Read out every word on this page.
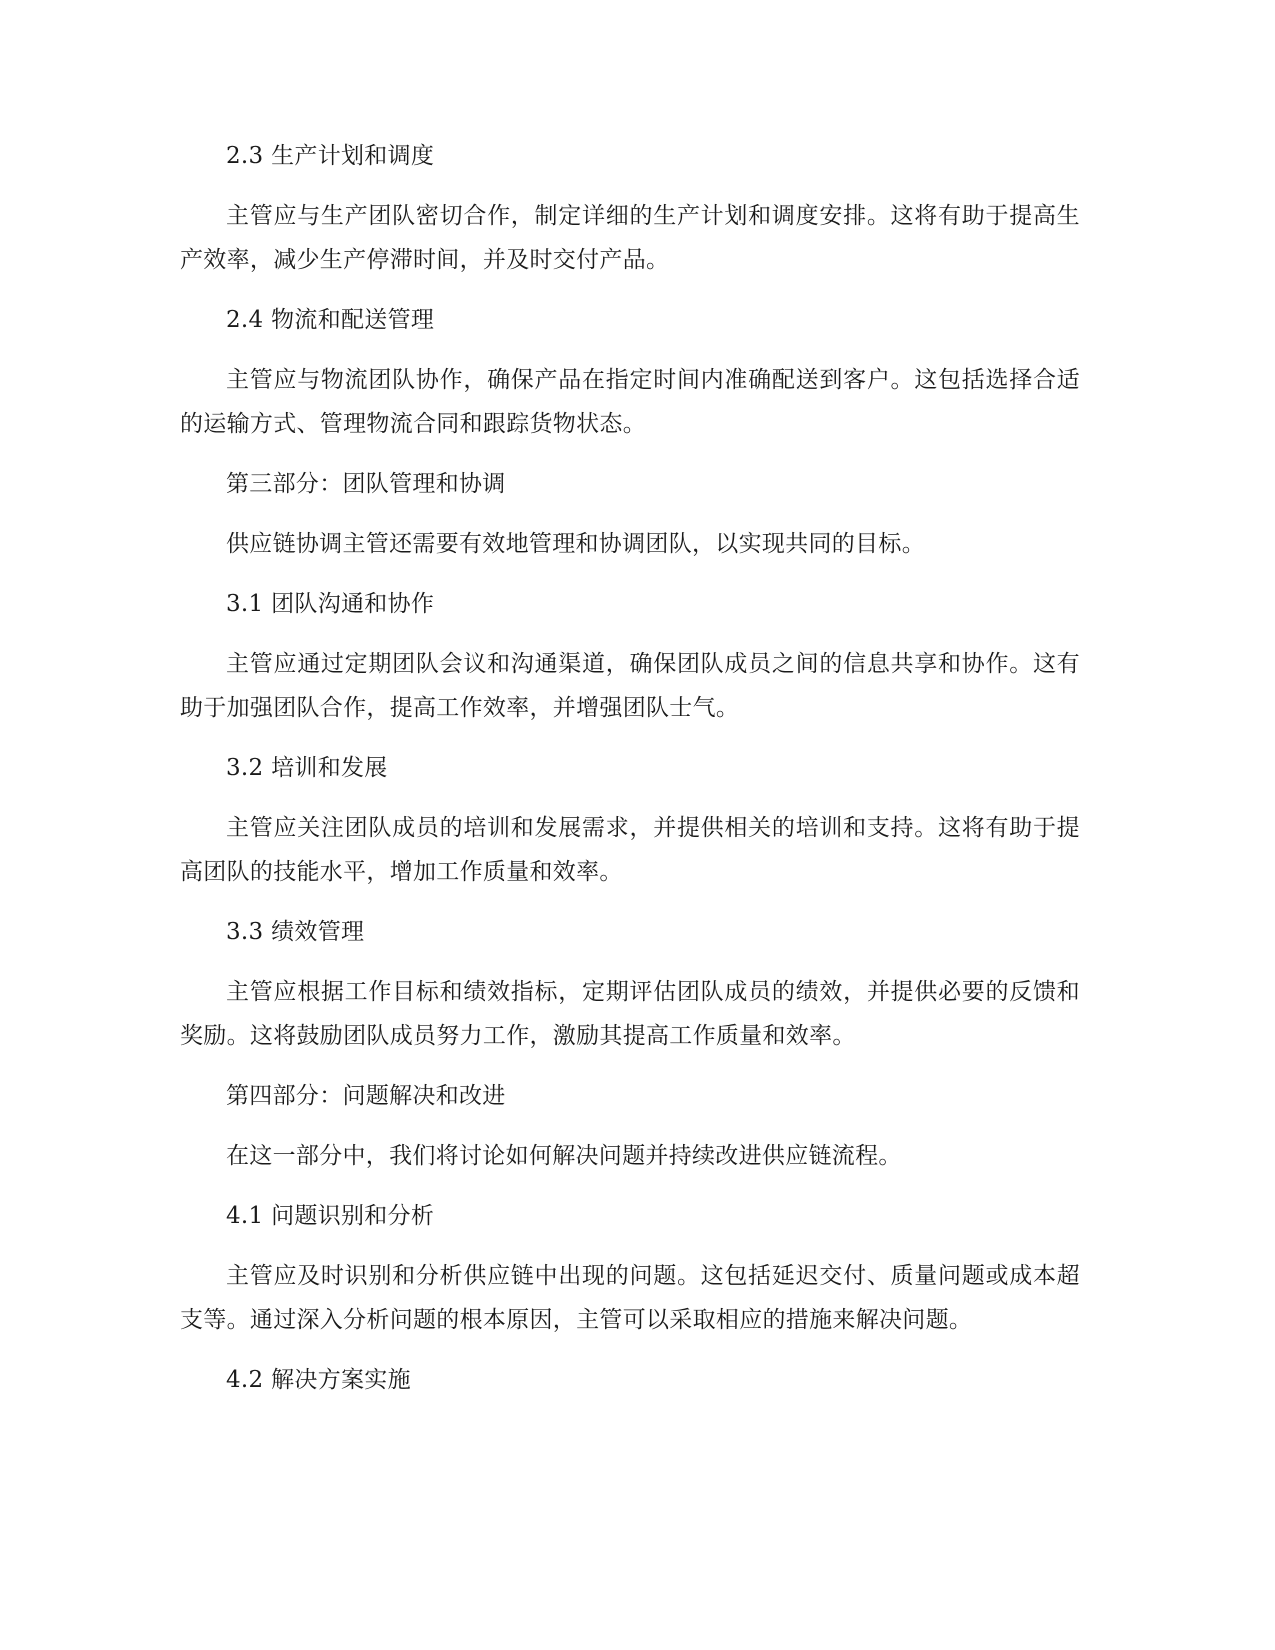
2.3 生产计划和调度

主管应与生产团队密切合作，制定详细的生产计划和调度安排。这将有助于提高生产效率，减少生产停滞时间，并及时交付产品。

2.4 物流和配送管理

主管应与物流团队协作，确保产品在指定时间内准确配送到客户。这包括选择合适的运输方式、管理物流合同和跟踪货物状态。

第三部分：团队管理和协调

供应链协调主管还需要有效地管理和协调团队，以实现共同的目标。

3.1 团队沟通和协作

主管应通过定期团队会议和沟通渠道，确保团队成员之间的信息共享和协作。这有助于加强团队合作，提高工作效率，并增强团队士气。

3.2 培训和发展

主管应关注团队成员的培训和发展需求，并提供相关的培训和支持。这将有助于提高团队的技能水平，增加工作质量和效率。

3.3 绩效管理

主管应根据工作目标和绩效指标，定期评估团队成员的绩效，并提供必要的反馈和奖励。这将鼓励团队成员努力工作，激励其提高工作质量和效率。

第四部分：问题解决和改进

在这一部分中，我们将讨论如何解决问题并持续改进供应链流程。

4.1 问题识别和分析

主管应及时识别和分析供应链中出现的问题。这包括延迟交付、质量问题或成本超支等。通过深入分析问题的根本原因，主管可以采取相应的措施来解决问题。

4.2 解决方案实施
